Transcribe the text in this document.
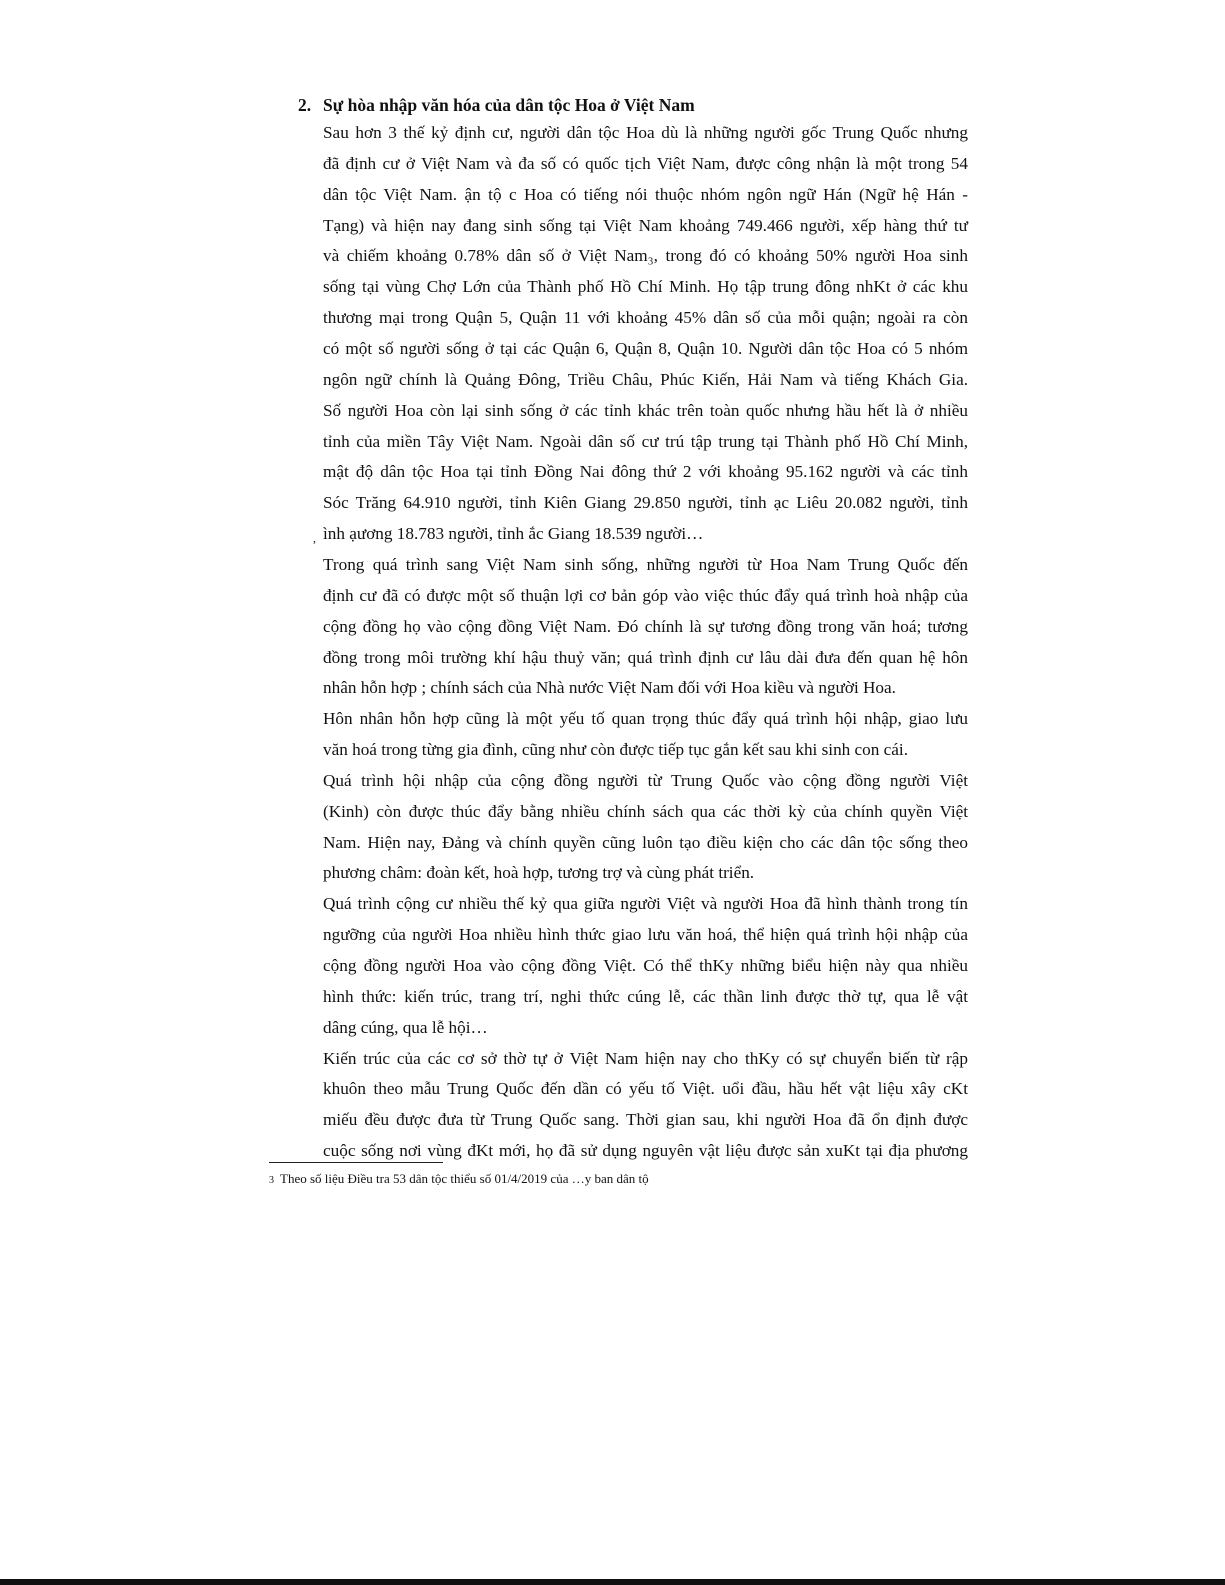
2. Sự hòa nhập văn hóa của dân tộc Hoa ở Việt Nam
Sau hơn 3 thế kỷ định cư, người dân tộc Hoa dù là những người gốc Trung Quốc nhưng
đã định cư ở Việt Nam và đa số có quốc tịch Việt Nam, được công nhận là một trong 54
dân tộc Việt Nam. ận tộ c Hoa có tiếng nói thuộc nhóm ngôn ngữ Hán (Ngữ hệ Hán -
Tạng) và hiện nay đang sinh sống tại Việt Nam khoảng 749.466 người, xếp hàng thứ tư
và chiếm khoảng 0.78% dân số ở Việt Nam₃, trong đó có khoảng 50% người Hoa sinh
sống tại vùng Chợ Lớn của Thành phố Hồ Chí Minh. Họ tập trung đông nhKt ở các khu
thương mại trong Quận 5, Quận 11 với khoảng 45% dân số của mỗi quận; ngoài ra còn
có một số người sống ở tại các Quận 6, Quận 8, Quận 10. Người dân tộc Hoa có 5 nhóm
ngôn ngữ chính là Quảng Đông, Triều Châu, Phúc Kiến, Hải Nam và tiếng Khách Gia.
Số người Hoa còn lại sinh sống ở các tỉnh khác trên toàn quốc nhưng hầu hết là ở nhiều
tỉnh của miền Tây Việt Nam. Ngoài dân số cư trú tập trung tại Thành phố Hồ Chí Minh,
mật độ dân tộc Hoa tại tỉnh Đồng Nai đông thứ 2 với khoảng 95.162 người và các tỉnh
Sóc Trăng 64.910 người, tỉnh Kiên Giang 29.850 người, tỉnh ạc Liêu 20.082 người, tỉnh
ình ạương 18.783 người, tỉnh ắc Giang 18.539 người…
Trong quá trình sang Việt Nam sinh sống, những người từ Hoa Nam Trung Quốc đến
định cư đã có được một số thuận lợi cơ bản góp vào việc thúc đẩy quá trình hoà nhập của
cộng đồng họ vào cộng đồng Việt Nam. Đó chính là sự tương đồng trong văn hoá; tương
đồng trong môi trường khí hậu thuỷ văn; quá trình định cư lâu dài đưa đến quan hệ hôn
nhân hỗn hợp ; chính sách của Nhà nước Việt Nam đối với Hoa kiều và người Hoa.
Hôn nhân hỗn hợp cũng là một yếu tố quan trọng thúc đẩy quá trình hội nhập, giao lưu
văn hoá trong từng gia đình, cũng như còn được tiếp tục gắn kết sau khi sinh con cái.
Quá trình hội nhập của cộng đồng người từ Trung Quốc vào cộng đồng người Việt
(Kinh) còn được thúc đẩy bằng nhiều chính sách qua các thời kỳ của chính quyền Việt
Nam. Hiện nay, Đảng và chính quyền cũng luôn tạo điều kiện cho các dân tộc sống theo
phương châm: đoàn kết, hoà hợp, tương trợ và cùng phát triển.
Quá trình cộng cư nhiều thế kỷ qua giữa người Việt và người Hoa đã hình thành trong tín
ngưỡng của người Hoa nhiều hình thức giao lưu văn hoá, thể hiện quá trình hội nhập của
cộng đồng người Hoa vào cộng đồng Việt. Có thể thKy những biểu hiện này qua nhiều
hình thức: kiến trúc, trang trí, nghi thức cúng lễ, các thần linh được thờ tự, qua lễ vật
dâng cúng, qua lễ hội…
Kiến trúc của các cơ sở thờ tự ở Việt Nam hiện nay cho thKy có sự chuyển biến từ rập
khuôn theo mẫu Trung Quốc đến dần có yếu tố Việt. uổi đầu, hầu hết vật liệu xây cKt
miếu đều được đưa từ Trung Quốc sang. Thời gian sau, khi người Hoa đã ổn định được
cuộc sống nơi vùng đKt mới, họ đã sử dụng nguyên vật liệu được sản xuKt tại địa phương
,
3 Theo số liệu Điều tra 53 dân tộc thiểu số 01/4/2019 của …y ban dân tộ
